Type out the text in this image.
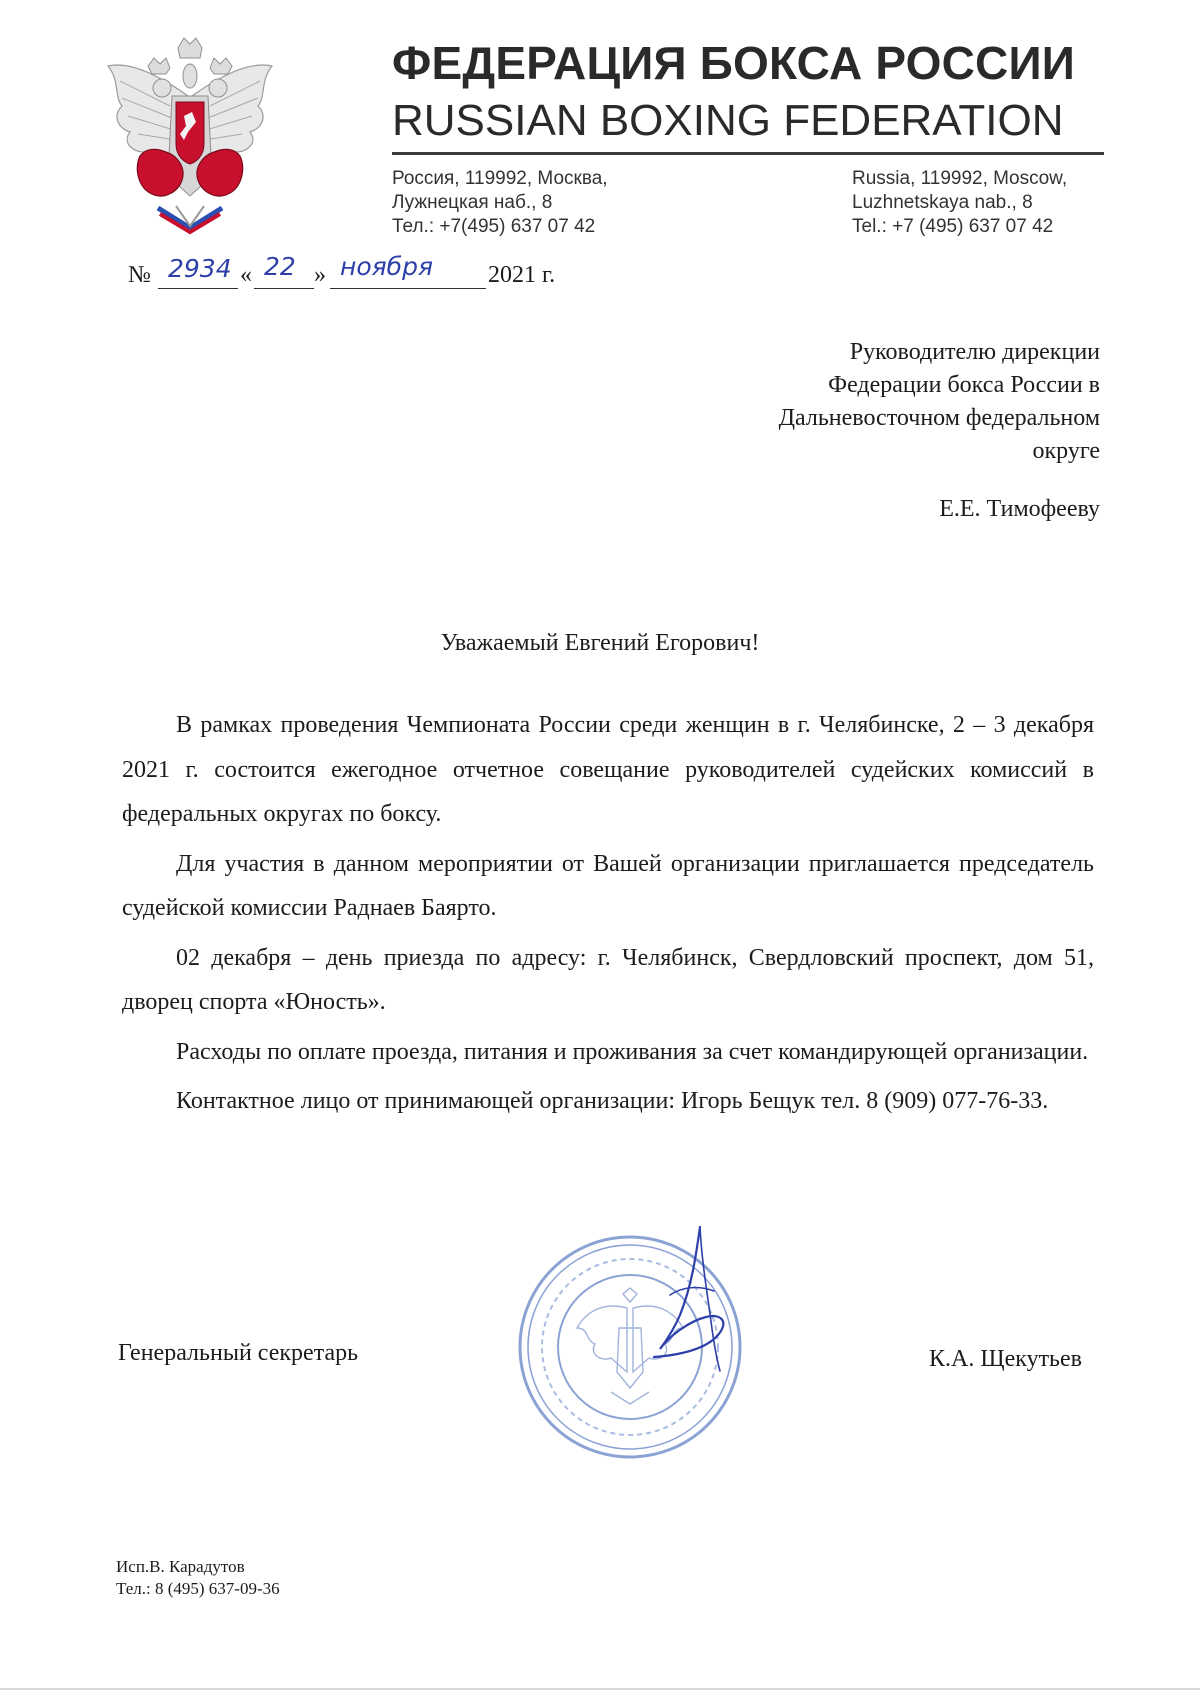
ФЕДЕРАЦИЯ БОКСА РОССИИ
RUSSIAN BOXING FEDERATION
Россия, 119992, Москва,
Лужнецкая наб., 8
Тел.: +7(495) 637 07 42
Russia, 119992, Moscow,
Luzhnetskaya nab., 8
Tel.: +7 (495) 637 07 42
№ 2934 « 22 » ноября 2021 г.
Руководителю дирекции
Федерации бокса России в
Дальневосточном федеральном
округе
Е.Е. Тимофееву
Уважаемый Евгений Егорович!

В рамках проведения Чемпионата России среди женщин в г. Челябинске, 2 – 3 декабря 2021 г. состоится ежегодное отчетное совещание руководителей судейских комиссий в федеральных округах по боксу.

Для участия в данном мероприятии от Вашей организации приглашается председатель судейской комиссии Раднаев Баярто.

02 декабря – день приезда по адресу: г. Челябинск, Свердловский проспект, дом 51, дворец спорта «Юность».

Расходы по оплате проезда, питания и проживания за счет командирующей организации.

Контактное лицо от принимающей организации: Игорь Бещук тел. 8 (909) 077-76-33.

Генеральный секретарь	К.А. Щекутьев
Исп.В. Карадутов
Тел.: 8 (495) 637-09-36
